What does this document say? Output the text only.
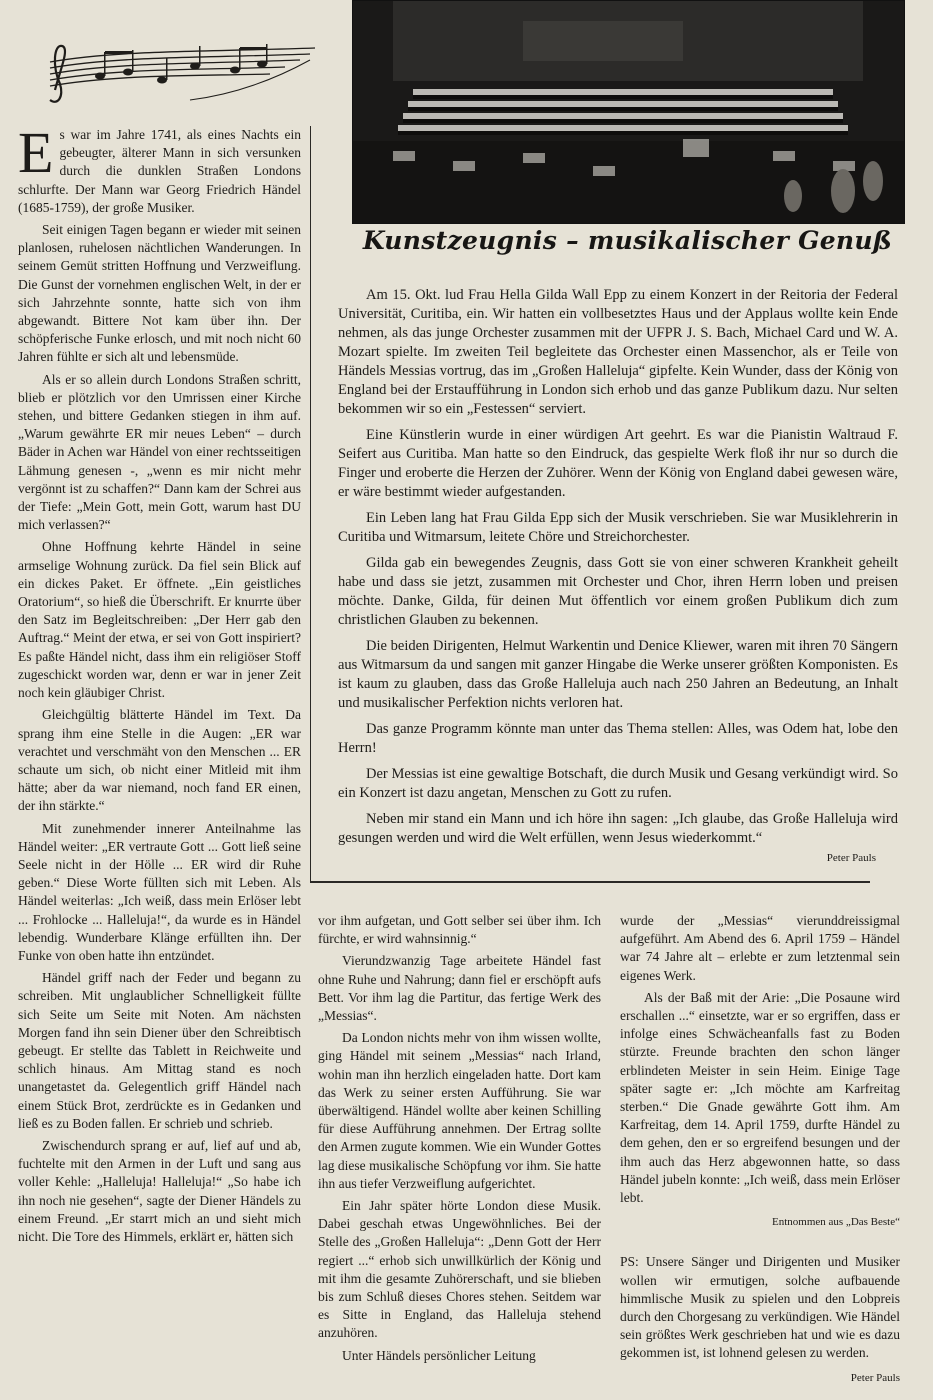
Es war im Jahre 1741, als eines Nachts ein gebeugter, älterer Mann in sich versunken durch die dunklen Straßen Londons schlurfte. Der Mann war Georg Friedrich Händel (1685-1759), der große Musiker.

Seit einigen Tagen begann er wieder mit seinen planlosen, ruhelosen nächtlichen Wanderungen. In seinem Gemüt stritten Hoffnung und Verzweiflung. Die Gunst der vornehmen englischen Welt, in der er sich Jahrzehnte sonnte, hatte sich von ihm abgewandt. Bittere Not kam über ihn. Der schöpferische Funke erlosch, und mit noch nicht 60 Jahren fühlte er sich alt und lebensmüde.

Als er so allein durch Londons Straßen schritt, blieb er plötzlich vor den Umrissen einer Kirche stehen, und bittere Gedanken stiegen in ihm auf. „Warum gewährte ER mir neues Leben“ – durch Bäder in Achen war Händel von einer rechtsseitigen Lähmung genesen -, „wenn es mir nicht mehr vergönnt ist zu schaffen?“ Dann kam der Schrei aus der Tiefe: „Mein Gott, mein Gott, warum hast DU mich verlassen?“

Ohne Hoffnung kehrte Händel in seine armselige Wohnung zurück. Da fiel sein Blick auf ein dickes Paket. Er öffnete. „Ein geistliches Oratorium“, so hieß die Überschrift. Er knurrte über den Satz im Begleitschreiben: „Der Herr gab den Auftrag.“ Meint der etwa, er sei von Gott inspiriert? Es paßte Händel nicht, dass ihm ein religiöser Stoff zugeschickt worden war, denn er war in jener Zeit noch kein gläubiger Christ.

Gleichgültig blätterte Händel im Text. Da sprang ihm eine Stelle in die Augen: „ER war verachtet und verschmäht von den Menschen ... ER schaute um sich, ob nicht einer Mitleid mit ihm hätte; aber da war niemand, noch fand ER einen, der ihn stärkte.“

Mit zunehmender innerer Anteilnahme las Händel weiter: „ER vertraute Gott ... Gott ließ seine Seele nicht in der Hölle ... ER wird dir Ruhe geben.“ Diese Worte füllten sich mit Leben. Als Händel weiterlas: „Ich weiß, dass mein Erlöser lebt ... Frohlocke ... Halleluja!“, da wurde es in Händel lebendig. Wunderbare Klänge erfüllten ihn. Der Funke von oben hatte ihn entzündet.

Händel griff nach der Feder und begann zu schreiben. Mit unglaublicher Schnelligkeit füllte sich Seite um Seite mit Noten. Am nächsten Morgen fand ihn sein Diener über den Schreibtisch gebeugt. Er stellte das Tablett in Reichweite und schlich hinaus. Am Mittag stand es noch unangetastet da. Gelegentlich griff Händel nach einem Stück Brot, zerdrückte es in Gedanken und ließ es zu Boden fallen. Er schrieb und schrieb.

Zwischendurch sprang er auf, lief auf und ab, fuchtelte mit den Armen in der Luft und sang aus voller Kehle: „Halleluja! Halleluja!“ „So habe ich ihn noch nie gesehen“, sagte der Diener Händels zu einem Freund. „Er starrt mich an und sieht mich nicht. Die Tore des Himmels, erklärt er, hätten sich

Kunstzeugnis – musikalischer Genuß

Am 15. Okt. lud Frau Hella Gilda Wall Epp zu einem Konzert in der Reitoria der Federal Universität, Curitiba, ein. Wir hatten ein vollbesetztes Haus und der Applaus wollte kein Ende nehmen, als das junge Orchester zusammen mit der UFPR J. S. Bach, Michael Card und W. A. Mozart spielte. Im zweiten Teil begleitete das Orchester einen Massenchor, als er Teile von Händels Messias vortrug, das im „Großen Halleluja“ gipfelte. Kein Wunder, dass der König von England bei der Erstaufführung in London sich erhob und das ganze Publikum dazu. Nur selten bekommen wir so ein „Festessen“ serviert.

Eine Künstlerin wurde in einer würdigen Art geehrt. Es war die Pianistin Waltraud F. Seifert aus Curitiba. Man hatte so den Eindruck, das gespielte Werk floß ihr nur so durch die Finger und eroberte die Herzen der Zuhörer. Wenn der König von England dabei gewesen wäre, er wäre bestimmt wieder aufgestanden.

Ein Leben lang hat Frau Gilda Epp sich der Musik verschrieben. Sie war Musiklehrerin in Curitiba und Witmarsum, leitete Chöre und Streichorchester.

Gilda gab ein bewegendes Zeugnis, dass Gott sie von einer schweren Krankheit geheilt habe und dass sie jetzt, zusammen mit Orchester und Chor, ihren Herrn loben und preisen möchte. Danke, Gilda, für deinen Mut öffentlich vor einem großen Publikum dich zum christlichen Glauben zu bekennen.

Die beiden Dirigenten, Helmut Warkentin und Denice Kliewer, waren mit ihren 70 Sängern aus Witmarsum da und sangen mit ganzer Hingabe die Werke unserer größten Komponisten. Es ist kaum zu glauben, dass das Große Halleluja auch nach 250 Jahren an Bedeutung, an Inhalt und musikalischer Perfektion nichts verloren hat.

Das ganze Programm könnte man unter das Thema stellen: Alles, was Odem hat, lobe den Herrn!

Der Messias ist eine gewaltige Botschaft, die durch Musik und Gesang verkündigt wird. So ein Konzert ist dazu angetan, Menschen zu Gott zu rufen.

Neben mir stand ein Mann und ich höre ihn sagen: „Ich glaube, das Große Halleluja wird gesungen werden und wird die Welt erfüllen, wenn Jesus wiederkommt.“

Peter Pauls

vor ihm aufgetan, und Gott selber sei über ihm. Ich fürchte, er wird wahnsinnig.“

Vierundzwanzig Tage arbeitete Händel fast ohne Ruhe und Nahrung; dann fiel er erschöpft aufs Bett. Vor ihm lag die Partitur, das fertige Werk des „Messias“.

Da London nichts mehr von ihm wissen wollte, ging Händel mit seinem „Messias“ nach Irland, wohin man ihn herzlich eingeladen hatte. Dort kam das Werk zu seiner ersten Aufführung. Sie war überwältigend. Händel wollte aber keinen Schilling für diese Aufführung annehmen. Der Ertrag sollte den Armen zugute kommen. Wie ein Wunder Gottes lag diese musikalische Schöpfung vor ihm. Sie hatte ihn aus tiefer Verzweiflung aufgerichtet.

Ein Jahr später hörte London diese Musik. Dabei geschah etwas Ungewöhnliches. Bei der Stelle des „Großen Halleluja“: „Denn Gott der Herr regiert ...“ erhob sich unwillkürlich der König und mit ihm die gesamte Zuhörerschaft, und sie blieben bis zum Schluß dieses Chores stehen. Seitdem war es Sitte in England, das Halleluja stehend anzuhören.

Unter Händels persönlicher Leitung

wurde der „Messias“ vierunddreissigmal aufgeführt. Am Abend des 6. April 1759 – Händel war 74 Jahre alt – erlebte er zum letztenmal sein eigenes Werk.

Als der Baß mit der Arie: „Die Posaune wird erschallen ...“ einsetzte, war er so ergriffen, dass er infolge eines Schwächeanfalls fast zu Boden stürzte. Freunde brachten den schon länger erblindeten Meister in sein Heim. Einige Tage später sagte er: „Ich möchte am Karfreitag sterben.“ Die Gnade gewährte Gott ihm. Am Karfreitag, dem 14. April 1759, durfte Händel zu dem gehen, den er so ergreifend besungen und der ihm auch das Herz abgewonnen hatte, so dass Händel jubeln konnte: „Ich weiß, dass mein Erlöser lebt.

Entnommen aus „Das Beste“

PS: Unsere Sänger und Dirigenten und Musiker wollen wir ermutigen, solche aufbauende himmlische Musik zu spielen und den Lobpreis durch den Chorgesang zu verkündigen. Wie Händel sein größtes Werk geschrieben hat und wie es dazu gekommen ist, ist lohnend gelesen zu werden.

Peter Pauls
